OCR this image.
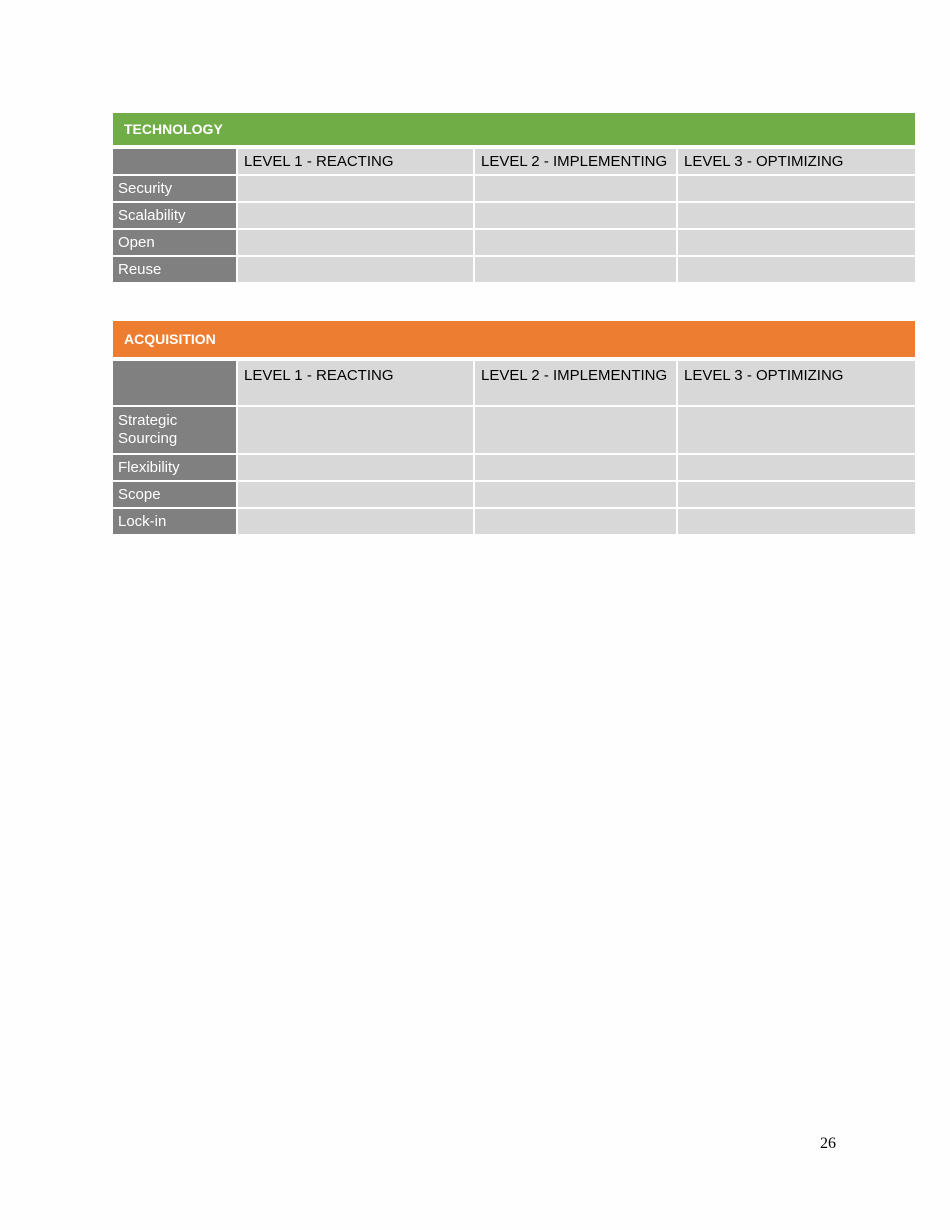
TECHNOLOGY
	LEVEL 1 - REACTING	LEVEL 2 - IMPLEMENTING	LEVEL 3 - OPTIMIZING
Security			
Scalability			
Open			
Reuse			
ACQUISITION
	LEVEL 1 - REACTING	LEVEL 2 - IMPLEMENTING	LEVEL 3 - OPTIMIZING
Strategic Sourcing			
Flexibility			
Scope			
Lock-in			
26
